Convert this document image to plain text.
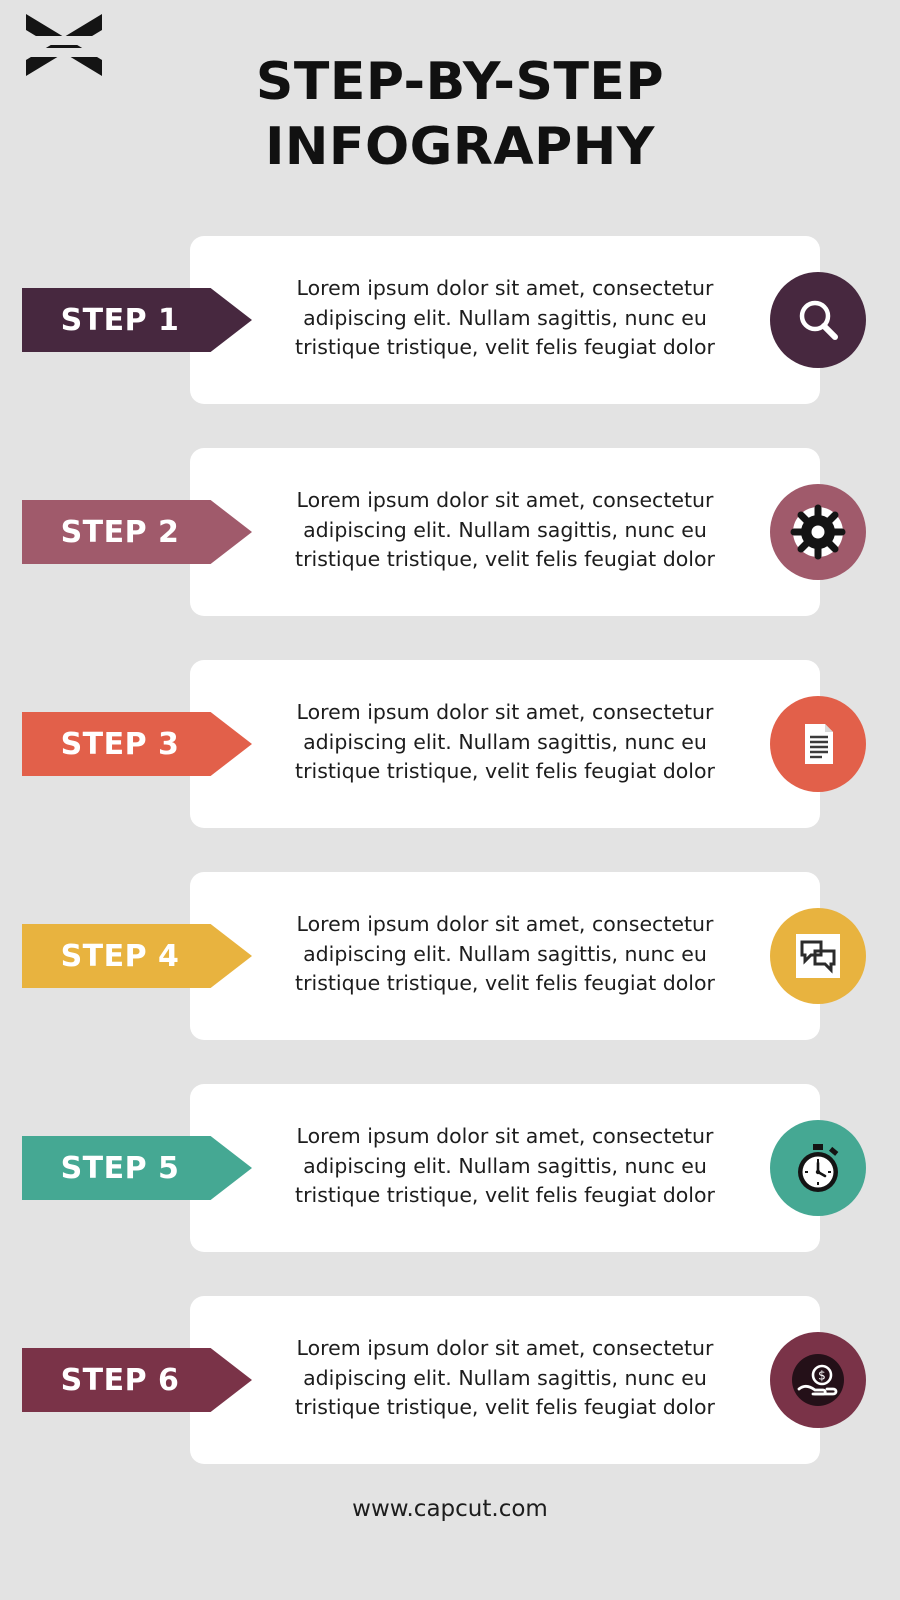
STEP-BY-STEP
INFOGRAPHY
Lorem ipsum dolor sit amet, consectetur adipiscing elit. Nullam sagittis, nunc eu tristique tristique, velit felis feugiat dolor
STEP 1
Lorem ipsum dolor sit amet, consectetur adipiscing elit. Nullam sagittis, nunc eu tristique tristique, velit felis feugiat dolor
STEP 2
Lorem ipsum dolor sit amet, consectetur adipiscing elit. Nullam sagittis, nunc eu tristique tristique, velit felis feugiat dolor
STEP 3
Lorem ipsum dolor sit amet, consectetur adipiscing elit. Nullam sagittis, nunc eu tristique tristique, velit felis feugiat dolor
STEP 4
Lorem ipsum dolor sit amet, consectetur adipiscing elit. Nullam sagittis, nunc eu tristique tristique, velit felis feugiat dolor
STEP 5
Lorem ipsum dolor sit amet, consectetur adipiscing elit. Nullam sagittis, nunc eu tristique tristique, velit felis feugiat dolor
STEP 6	$
www.capcut.com
